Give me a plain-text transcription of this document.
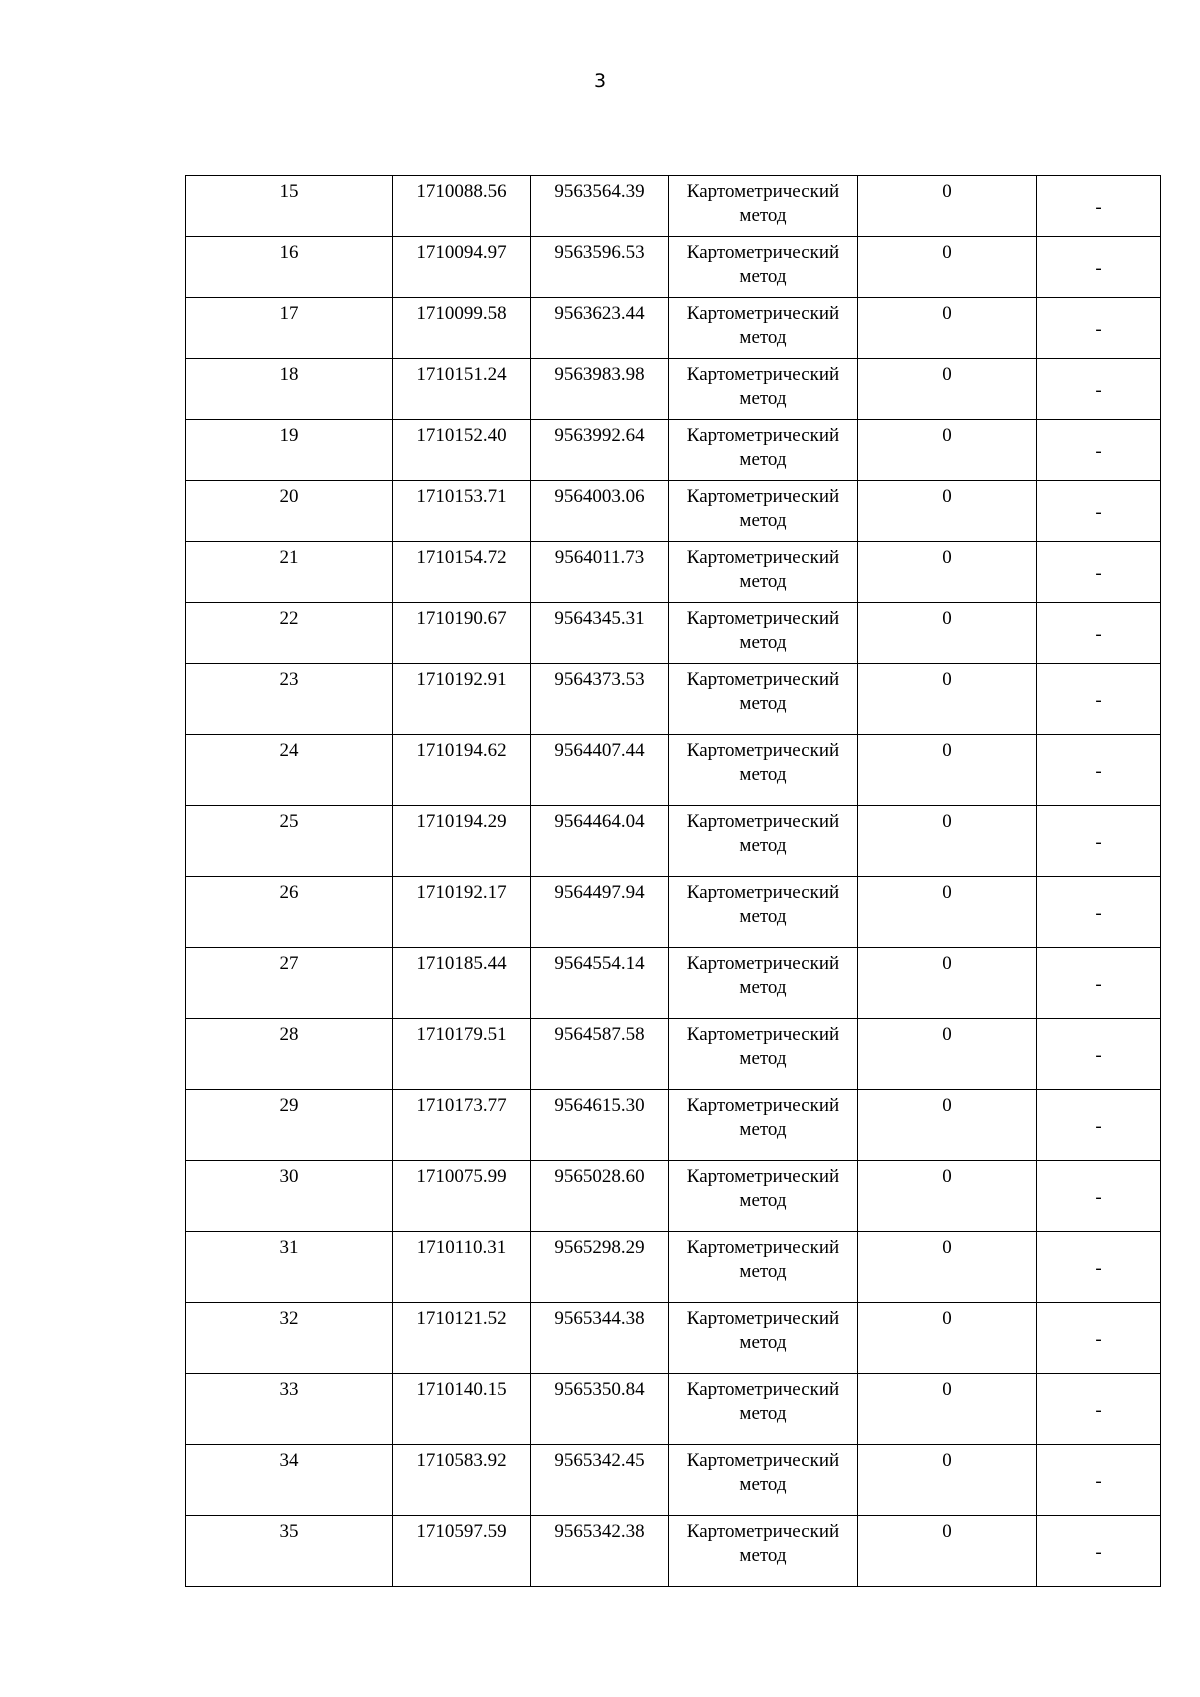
3
15	1710088.56	9563564.39	Картометрический метод	0	-
16	1710094.97	9563596.53	Картометрический метод	0	-
17	1710099.58	9563623.44	Картометрический метод	0	-
18	1710151.24	9563983.98	Картометрический метод	0	-
19	1710152.40	9563992.64	Картометрический метод	0	-
20	1710153.71	9564003.06	Картометрический метод	0	-
21	1710154.72	9564011.73	Картометрический метод	0	-
22	1710190.67	9564345.31	Картометрический метод	0	-
23	1710192.91	9564373.53	Картометрический метод	0	-
24	1710194.62	9564407.44	Картометрический метод	0	-
25	1710194.29	9564464.04	Картометрический метод	0	-
26	1710192.17	9564497.94	Картометрический метод	0	-
27	1710185.44	9564554.14	Картометрический метод	0	-
28	1710179.51	9564587.58	Картометрический метод	0	-
29	1710173.77	9564615.30	Картометрический метод	0	-
30	1710075.99	9565028.60	Картометрический метод	0	-
31	1710110.31	9565298.29	Картометрический метод	0	-
32	1710121.52	9565344.38	Картометрический метод	0	-
33	1710140.15	9565350.84	Картометрический метод	0	-
34	1710583.92	9565342.45	Картометрический метод	0	-
35	1710597.59	9565342.38	Картометрический метод	0	-
